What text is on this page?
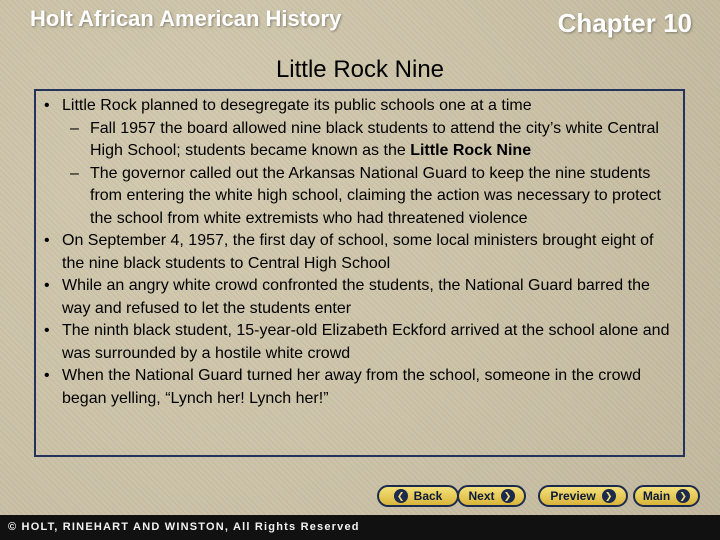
Holt African American History	Chapter 10
Little Rock Nine
• Little Rock planned to desegregate its public schools one at a time
– Fall 1957 the board allowed nine black students to attend the city’s white Central High School; students became known as the Little Rock Nine
– The governor called out the Arkansas National Guard to keep the nine students from entering the white high school, claiming the action was necessary to protect the school from white extremists who had threatened violence
• On September 4, 1957, the first day of school, some local ministers brought eight of the nine black students to Central High School
• While an angry white crowd confronted the students, the National Guard barred the way and refused to let the students enter
• The ninth black student, 15-year-old Elizabeth Eckford arrived at the school alone and was surrounded by a hostile white crowd
• When the National Guard turned her away from the school, someone in the crowd began yelling, “Lynch her! Lynch her!”
❮ Back Next	❯	Preview	❯	Main	❯
© HOLT, RINEHART AND WINSTON, All Rights Reserved
